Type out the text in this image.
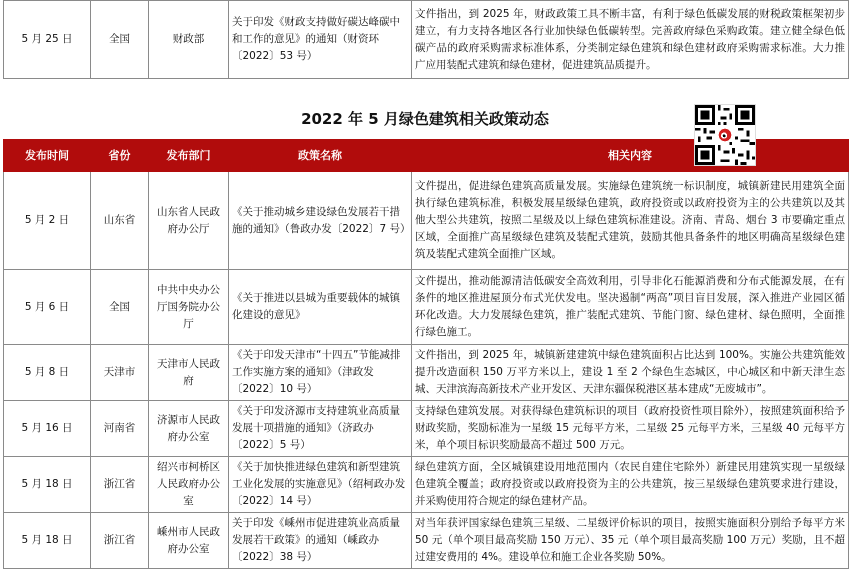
5 月 25 日	全国	财政部	关于印发《财政支持做好碳达峰碳中和工作的意见》的通知（财资环〔2022〕53 号）	文件指出，到 2025 年，财政政策工具不断丰富，有利于绿色低碳发展的财税政策框架初步建立，有力支持各地区各行业加快绿色低碳转型。完善政府绿色采购政策。建立健全绿色低碳产品的政府采购需求标准体系，分类制定绿色建筑和绿色建材政府采购需求标准。大力推广应用装配式建筑和绿色建材，促进建筑品质提升。
2022 年 5 月绿色建筑相关政策动态
发布时间	省份	发布部门	政策名称	相关内容
5 月 2 日	山东省	山东省人民政府办公厅	《关于推动城乡建设绿色发展若干措施的通知》（鲁政办发〔2022〕7 号）	文件提出，促进绿色建筑高质量发展。实施绿色建筑统一标识制度，城镇新建民用建筑全面执行绿色建筑标准，积极发展星级绿色建筑，政府投资或以政府投资为主的公共建筑以及其他大型公共建筑，按照二星级及以上绿色建筑标准建设。济南、青岛、烟台 3 市要确定重点区域，全面推广高星级绿色建筑及装配式建筑，鼓励其他具备条件的地区明确高星级绿色建筑及装配式建筑全面推广区域。
5 月 6 日	全国	中共中央办公厅国务院办公厅	《关于推进以县城为重要载体的城镇化建设的意见》	文件提出，推动能源清洁低碳安全高效利用，引导非化石能源消费和分布式能源发展，在有条件的地区推进屋顶分布式光伏发电。坚决遏制“两高”项目盲目发展，深入推进产业园区循环化改造。大力发展绿色建筑，推广装配式建筑、节能门窗、绿色建材、绿色照明，全面推行绿色施工。
5 月 8 日	天津市	天津市人民政府	《关于印发天津市“十四五”节能减排工作实施方案的通知》（津政发〔2022〕10 号）	文件指出，到 2025 年，城镇新建建筑中绿色建筑面积占比达到 100%。实施公共建筑能效提升改造面积 150 万平方米以上，建设 1 至 2 个绿色生态城区，中心城区和中新天津生态城、天津滨海高新技术产业开发区、天津东疆保税港区基本建成“无废城市”。
5 月 16 日	河南省	济源市人民政府办公室	《关于印发济源市支持建筑业高质量发展十项措施的通知》（济政办〔2022〕5 号）	支持绿色建筑发展。对获得绿色建筑标识的项目（政府投资性项目除外），按照建筑面积给予财政奖励，奖励标准为一星级 15 元每平方米，二星级 25 元每平方米，三星级 40 元每平方米，单个项目标识奖励最高不超过 500 万元。
5 月 18 日	浙江省	绍兴市柯桥区人民政府办公室	《关于加快推进绿色建筑和新型建筑工业化发展的实施意见》（绍柯政办发〔2022〕14 号）	绿色建筑方面，全区城镇建设用地范围内（农民自建住宅除外）新建民用建筑实现一星级绿色建筑全覆盖；政府投资或以政府投资为主的公共建筑，按三星级绿色建筑要求进行建设，并采购使用符合规定的绿色建材产品。
5 月 18 日	浙江省	嵊州市人民政府办公室	关于印发《嵊州市促进建筑业高质量发展若干政策》的通知（嵊政办〔2022〕38 号）	对当年获评国家绿色建筑三星级、二星级评价标识的项目，按照实施面积分别给予每平方米 50 元（单个项目最高奖励 150 万元）、35 元（单个项目最高奖励 100 万元）奖励，且不超过建安费用的 4%。建设单位和施工企业各奖励 50%。
